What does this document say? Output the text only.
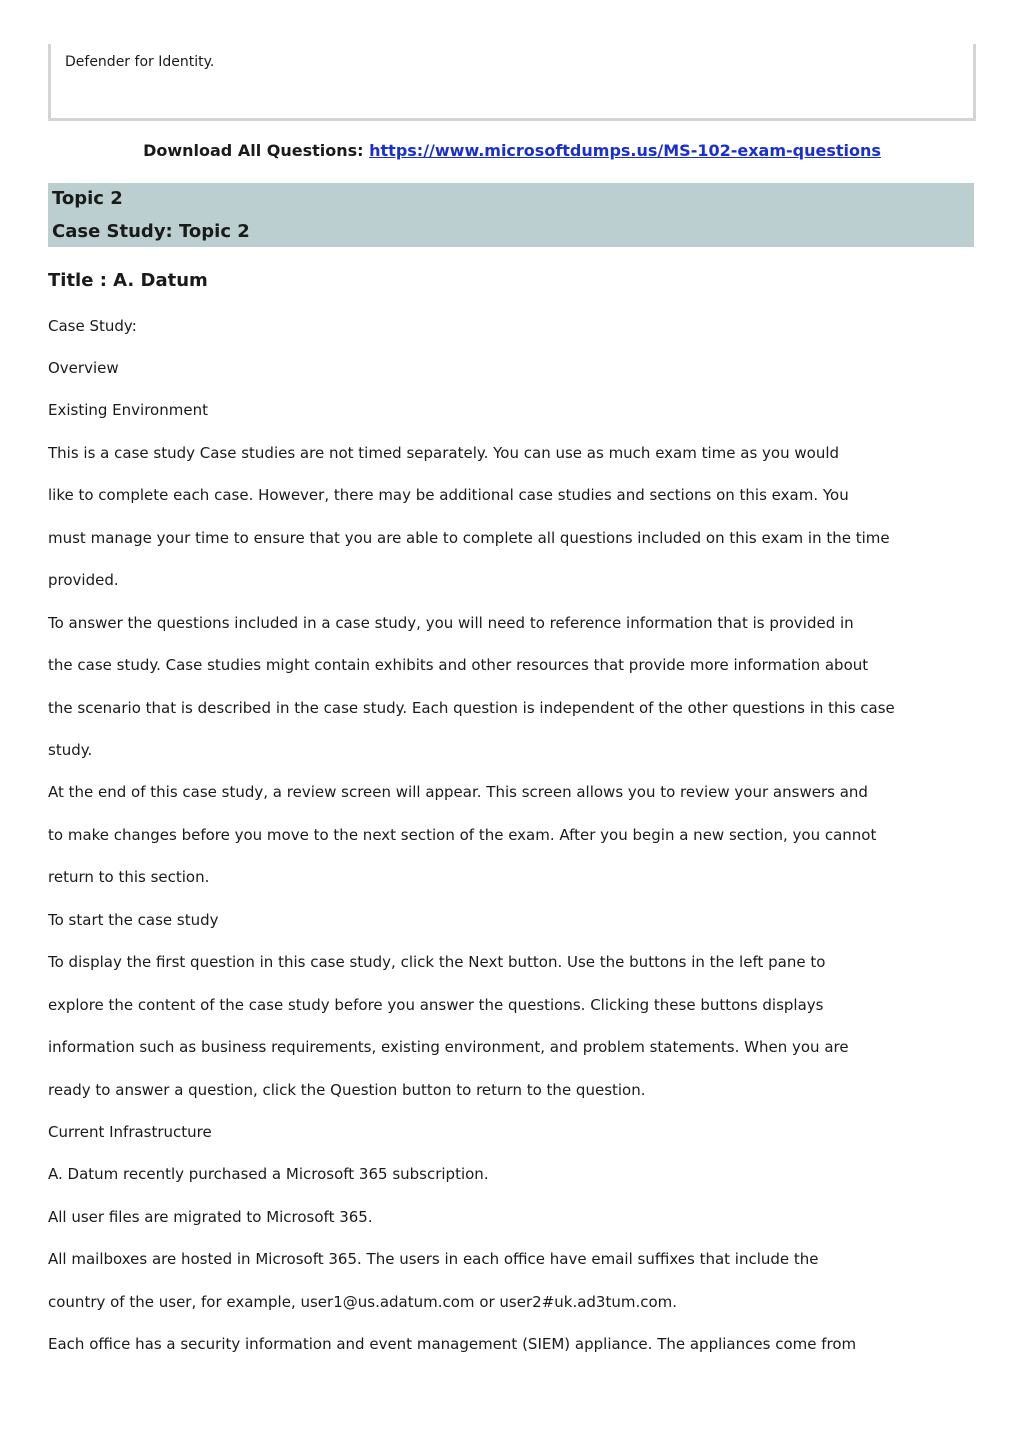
Defender for Identity.
Download All Questions: https://www.microsoftdumps.us/MS-102-exam-questions
Topic 2
Case Study: Topic 2
Title : A. Datum
Case Study:
Overview
Existing Environment
This is a case study Case studies are not timed separately. You can use as much exam time as you would
like to complete each case. However, there may be additional case studies and sections on this exam. You
must manage your time to ensure that you are able to complete all questions included on this exam in the time
provided.
To answer the questions included in a case study, you will need to reference information that is provided in
the case study. Case studies might contain exhibits and other resources that provide more information about
the scenario that is described in the case study. Each question is independent of the other questions in this case
study.
At the end of this case study, a review screen will appear. This screen allows you to review your answers and
to make changes before you move to the next section of the exam. After you begin a new section, you cannot
return to this section.
To start the case study
To display the first question in this case study, click the Next button. Use the buttons in the left pane to
explore the content of the case study before you answer the questions. Clicking these buttons displays
information such as business requirements, existing environment, and problem statements. When you are
ready to answer a question, click the Question button to return to the question.
Current Infrastructure
A. Datum recently purchased a Microsoft 365 subscription.
All user files are migrated to Microsoft 365.
All mailboxes are hosted in Microsoft 365. The users in each office have email suffixes that include the
country of the user, for example, user1@us.adatum.com or user2#uk.ad3tum.com.
Each office has a security information and event management (SIEM) appliance. The appliances come from
